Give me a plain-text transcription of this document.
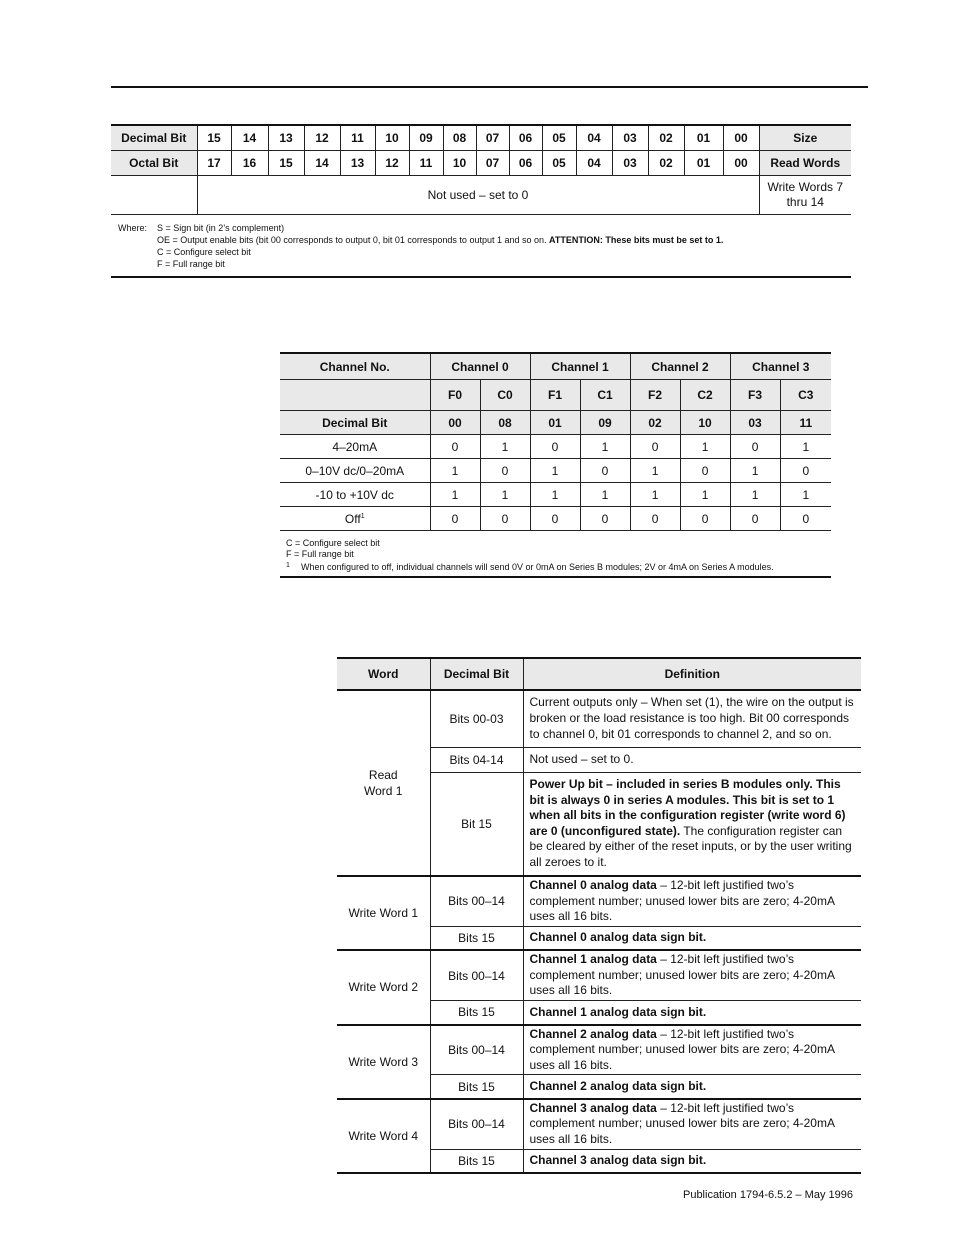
Decimal Bit	15	14	13	12	11	10	09	08	07	06	05	04	03	02	01	00	Size
Octal Bit	17	16	15	14	13	12	11	10	07	06	05	04	03	02	01	00	Read Words
	Not used – set to 0																Write Words 7
thru 14
Where: S = Sign bit (in 2’s complement)
OE = Output enable bits (bit 00 corresponds to output 0, bit 01 corresponds to output 1 and so on. ATTENTION: These bits must be set to 1.
C = Configure select bit
F = Full range bit
Channel No.	Channel 0		Channel 1		Channel 2		Channel 3	
	F0	C0	F1	C1	F2	C2	F3	C3
Decimal Bit	00	08	01	09	02	10	03	11
4–20mA	0	1	0	1	0	1	0	1
0–10V dc/0–20mA	1	0	1	0	1	0	1	0
-10 to +10V dc	1	1	1	1	1	1	1	1
Off$^1$	0	0	0	0	0	0	0	0
C = Configure select bit
F = Full range bit
$^1$ When configured to off, individual channels will send 0V or 0mA on Series B modules; 2V or 4mA on Series A modules.
Word	Decimal Bit	Definition
Read
Word 1	Bits 00-03	Current outputs only – When set (1), the wire on the output is broken or the load resistance is too high. Bit 00 corresponds to channel 0, bit 01 corresponds to channel 2, and so on.
	Bits 04-14	Not used – set to 0.
	Bit 15	Power Up bit – included in series B modules only. This bit is always 0 in series A modules. This bit is set to 1 when all bits in the configuration register (write word 6) are 0 (unconfigured state). The configuration register can be cleared by either of the reset inputs, or by the user writing all zeroes to it.
Write Word 1	Bits 00–14	Channel 0 analog data – 12-bit left justified two’s complement number; unused lower bits are zero; 4-20mA uses all 16 bits.
	Bits 15	Channel 0 analog data sign bit.
Write Word 2	Bits 00–14	Channel 1 analog data – 12-bit left justified two’s complement number; unused lower bits are zero; 4-20mA uses all 16 bits.
	Bits 15	Channel 1 analog data sign bit.
Write Word 3	Bits 00–14	Channel 2 analog data – 12-bit left justified two’s complement number; unused lower bits are zero; 4-20mA uses all 16 bits.
	Bits 15	Channel 2 analog data sign bit.
Write Word 4	Bits 00–14	Channel 3 analog data – 12-bit left justified two’s complement number; unused lower bits are zero; 4-20mA uses all 16 bits.
	Bits 15	Channel 3 analog data sign bit.
Publication 1794-6.5.2 – May 1996
